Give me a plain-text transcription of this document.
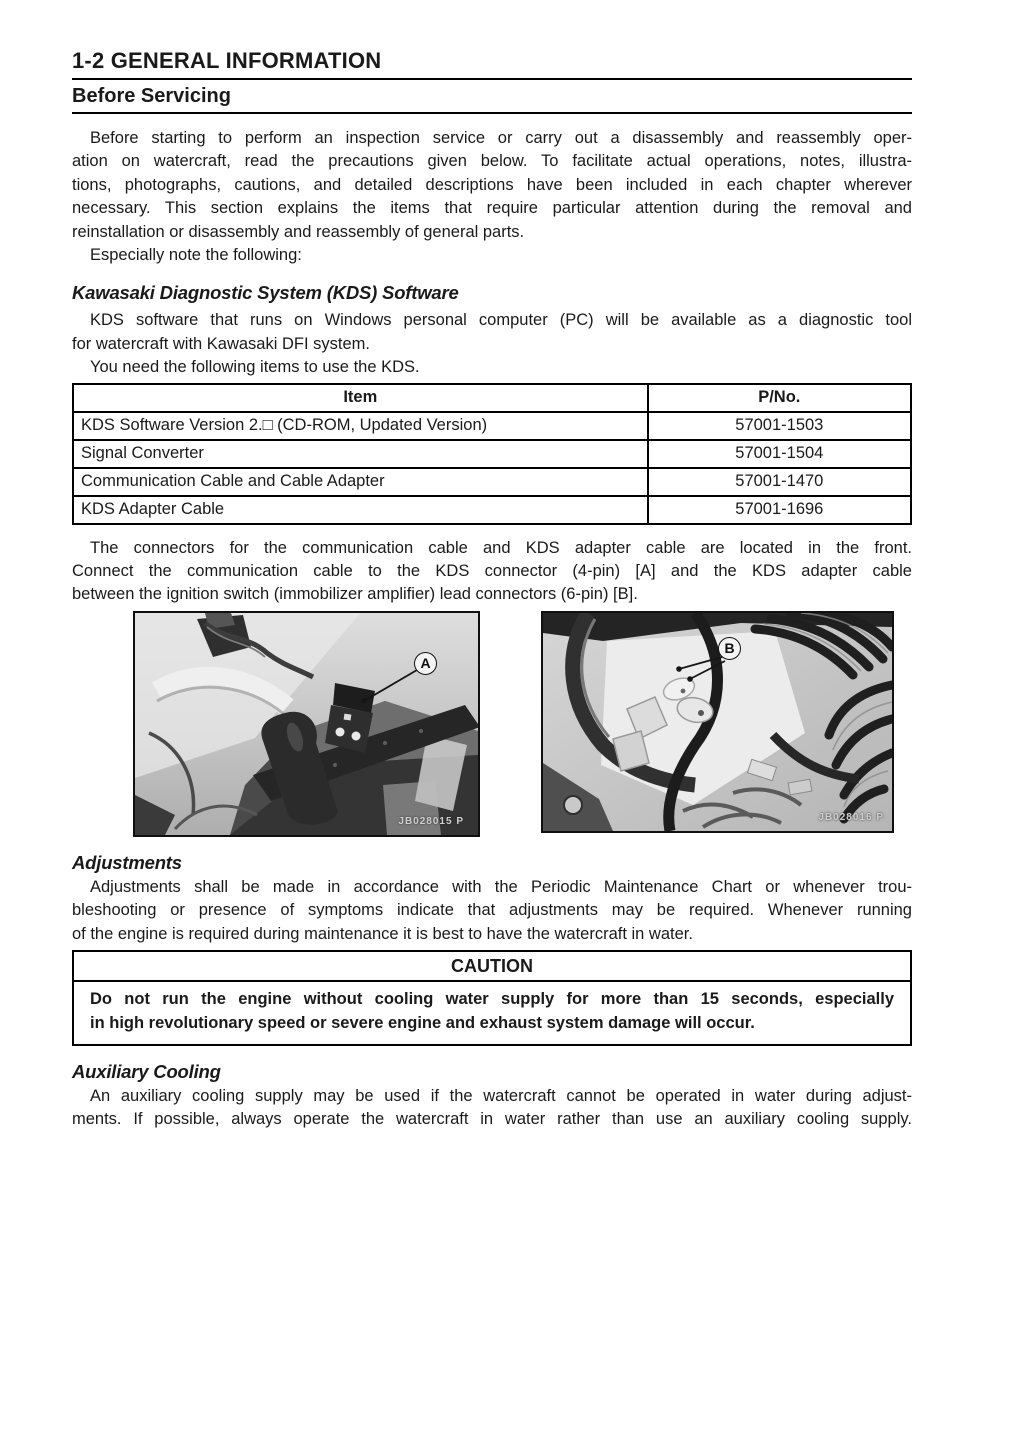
1-2 GENERAL INFORMATION
Before Servicing
Before starting to perform an inspection service or carry out a disassembly and reassembly oper-
ation on watercraft, read the precautions given below. To facilitate actual operations, notes, illustra-
tions, photographs, cautions, and detailed descriptions have been included in each chapter wherever
necessary. This section explains the items that require particular attention during the removal and
reinstallation or disassembly and reassembly of general parts.
Especially note the following:
Kawasaki Diagnostic System (KDS) Software
KDS software that runs on Windows personal computer (PC) will be available as a diagnostic tool
for watercraft with Kawasaki DFI system.
You need the following items to use the KDS.
Item	P/No.
KDS Software Version 2.□ (CD-ROM, Updated Version)	57001-1503
Signal Converter	57001-1504
Communication Cable and Cable Adapter	57001-1470
KDS Adapter Cable	57001-1696
The connectors for the communication cable and KDS adapter cable are located in the front.
Connect the communication cable to the KDS connector (4-pin) [A] and the KDS adapter cable
between the ignition switch (immobilizer amplifier) lead connectors (6-pin) [B].
A
JB028015 P
B
JB028016 P
Adjustments
Adjustments shall be made in accordance with the Periodic Maintenance Chart or whenever trou-
bleshooting or presence of symptoms indicate that adjustments may be required. Whenever running
of the engine is required during maintenance it is best to have the watercraft in water.
CAUTION
Do not run the engine without cooling water supply for more than 15 seconds, especially
in high revolutionary speed or severe engine and exhaust system damage will occur.
Auxiliary Cooling
An auxiliary cooling supply may be used if the watercraft cannot be operated in water during adjust-
ments. If possible, always operate the watercraft in water rather than use an auxiliary cooling supply.
